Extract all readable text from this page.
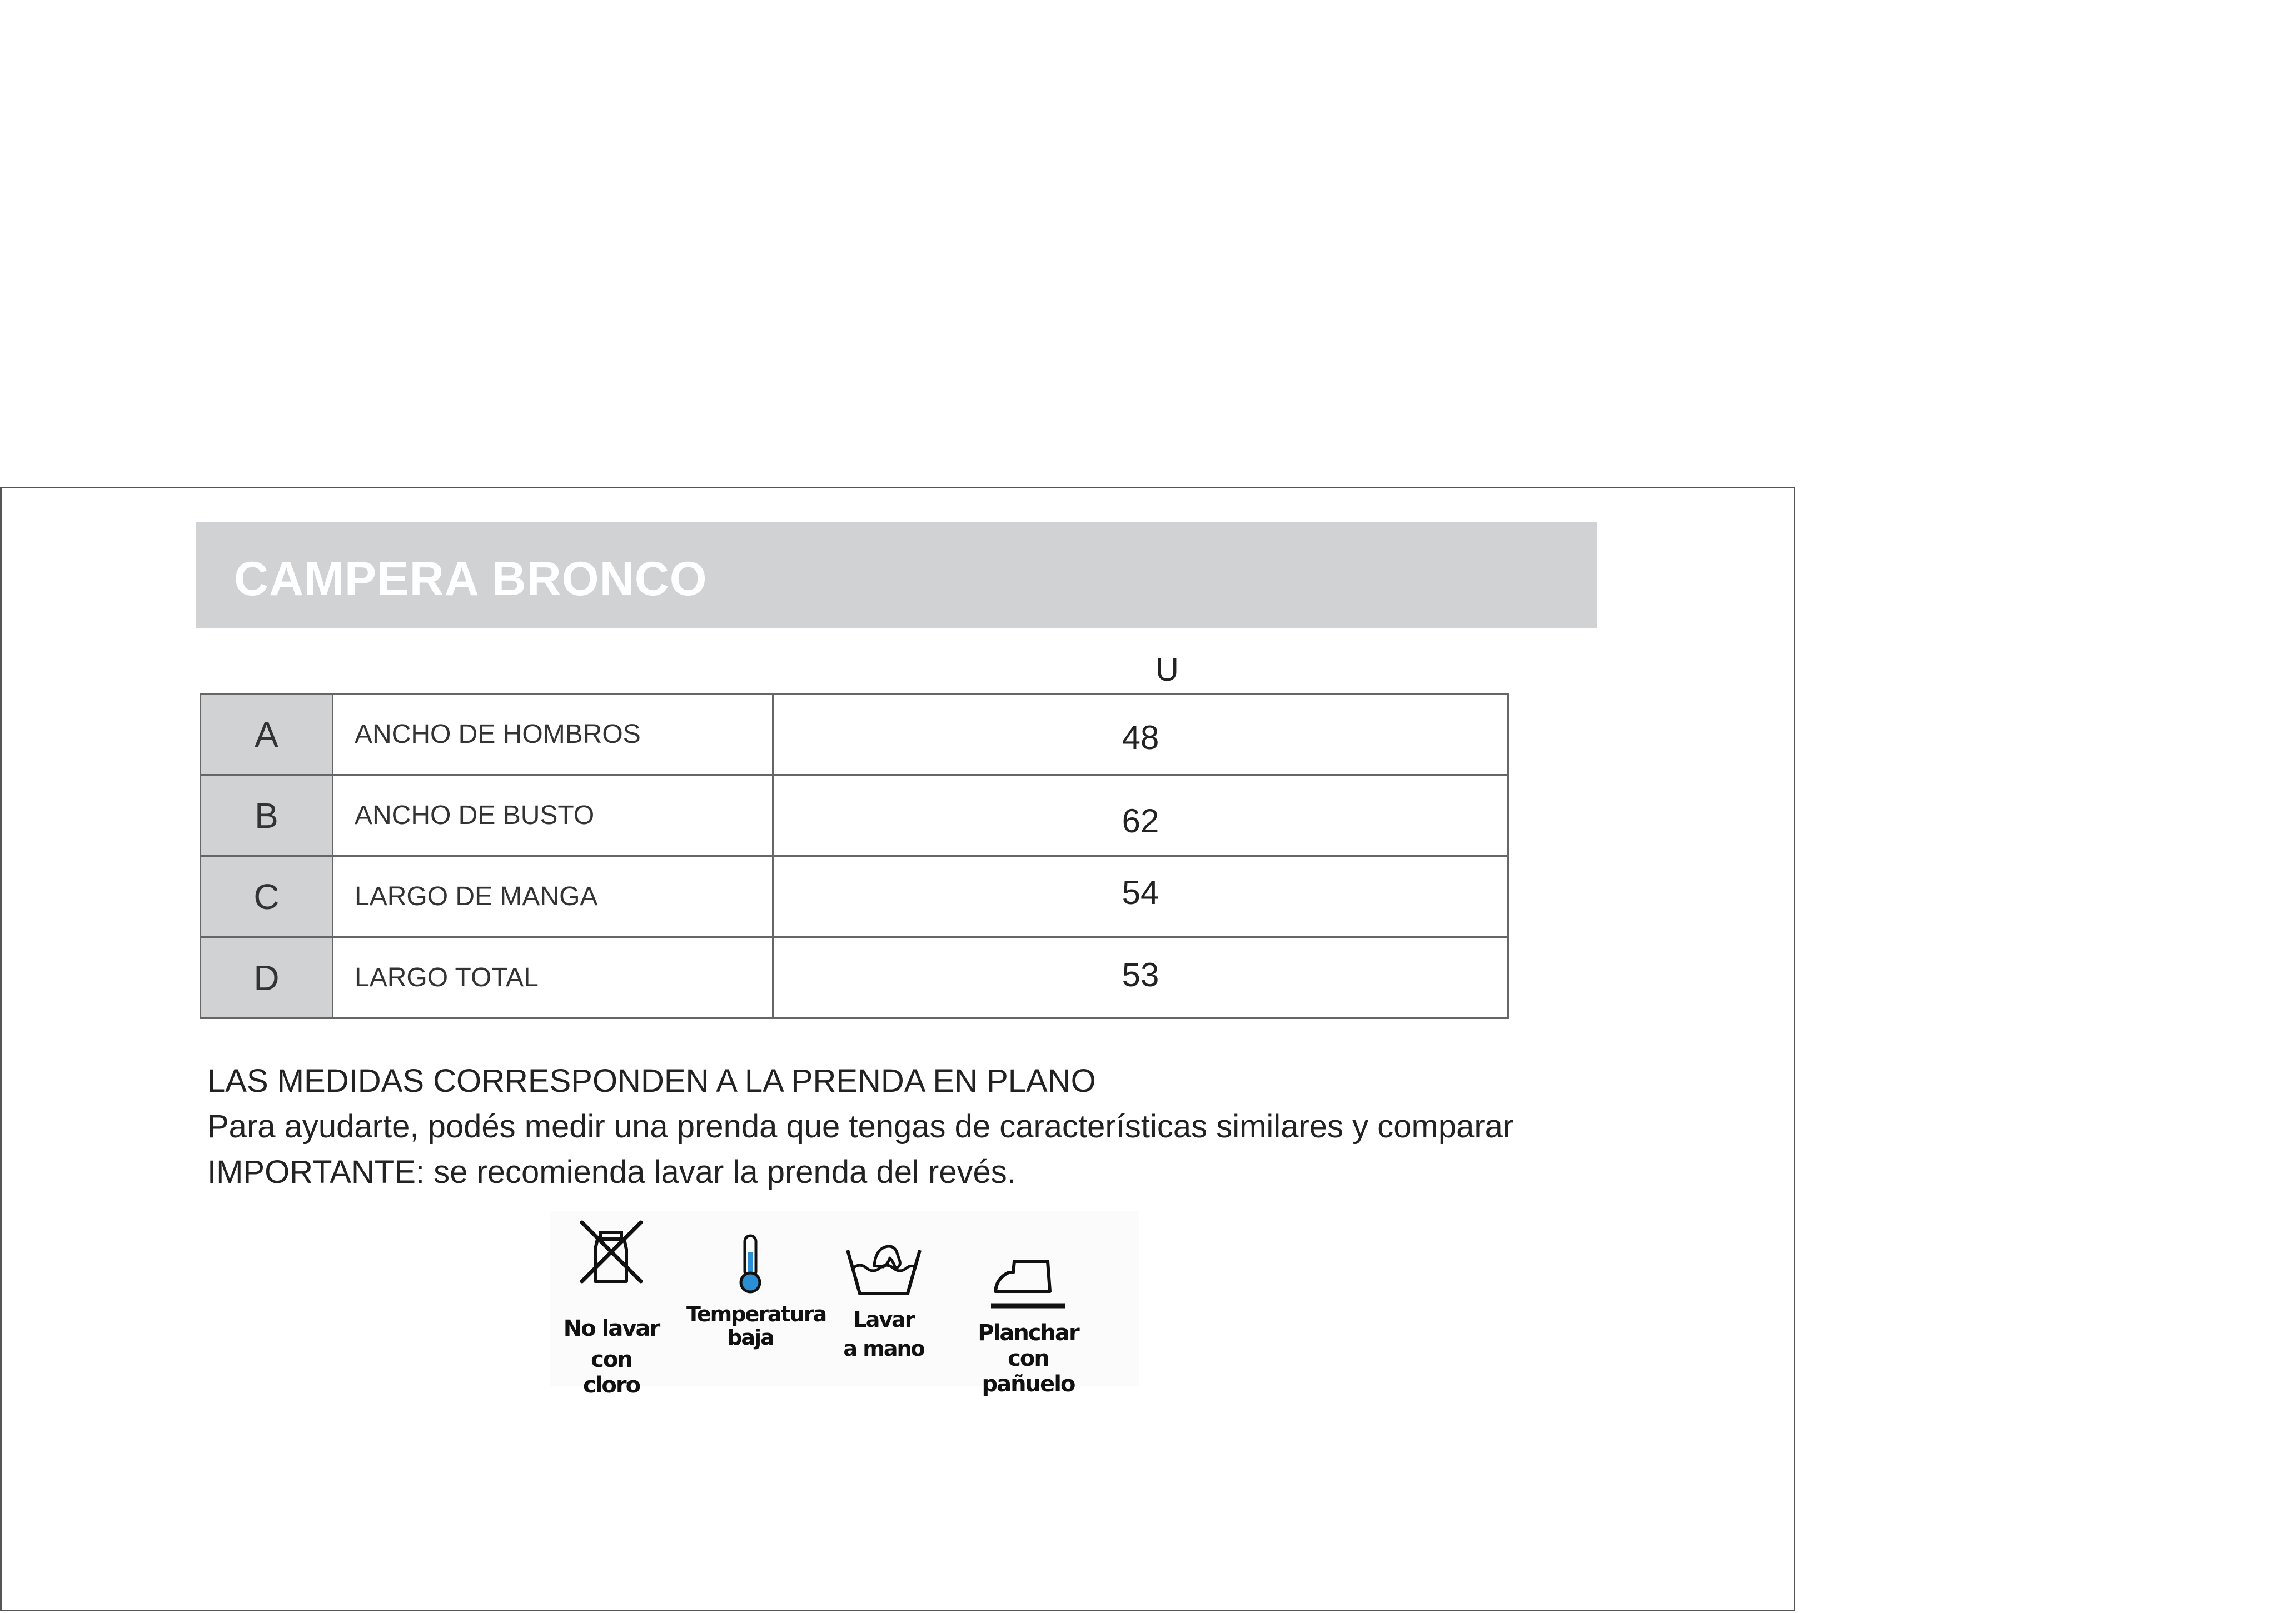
CAMPERA BRONCO
U
A	ANCHO DE HOMBROS	48
B	ANCHO DE BUSTO	62
C	LARGO DE MANGA	54
D	LARGO TOTAL	53
LAS MEDIDAS CORRESPONDEN A LA PRENDA EN PLANO
Para ayudarte, podés medir una prenda que tengas de características similares y comparar
IMPORTANTE: se recomienda lavar la prenda del revés.
No lavar
con cloro
Temperatura
baja
Lavar
a mano
Planchar
con pañuelo
